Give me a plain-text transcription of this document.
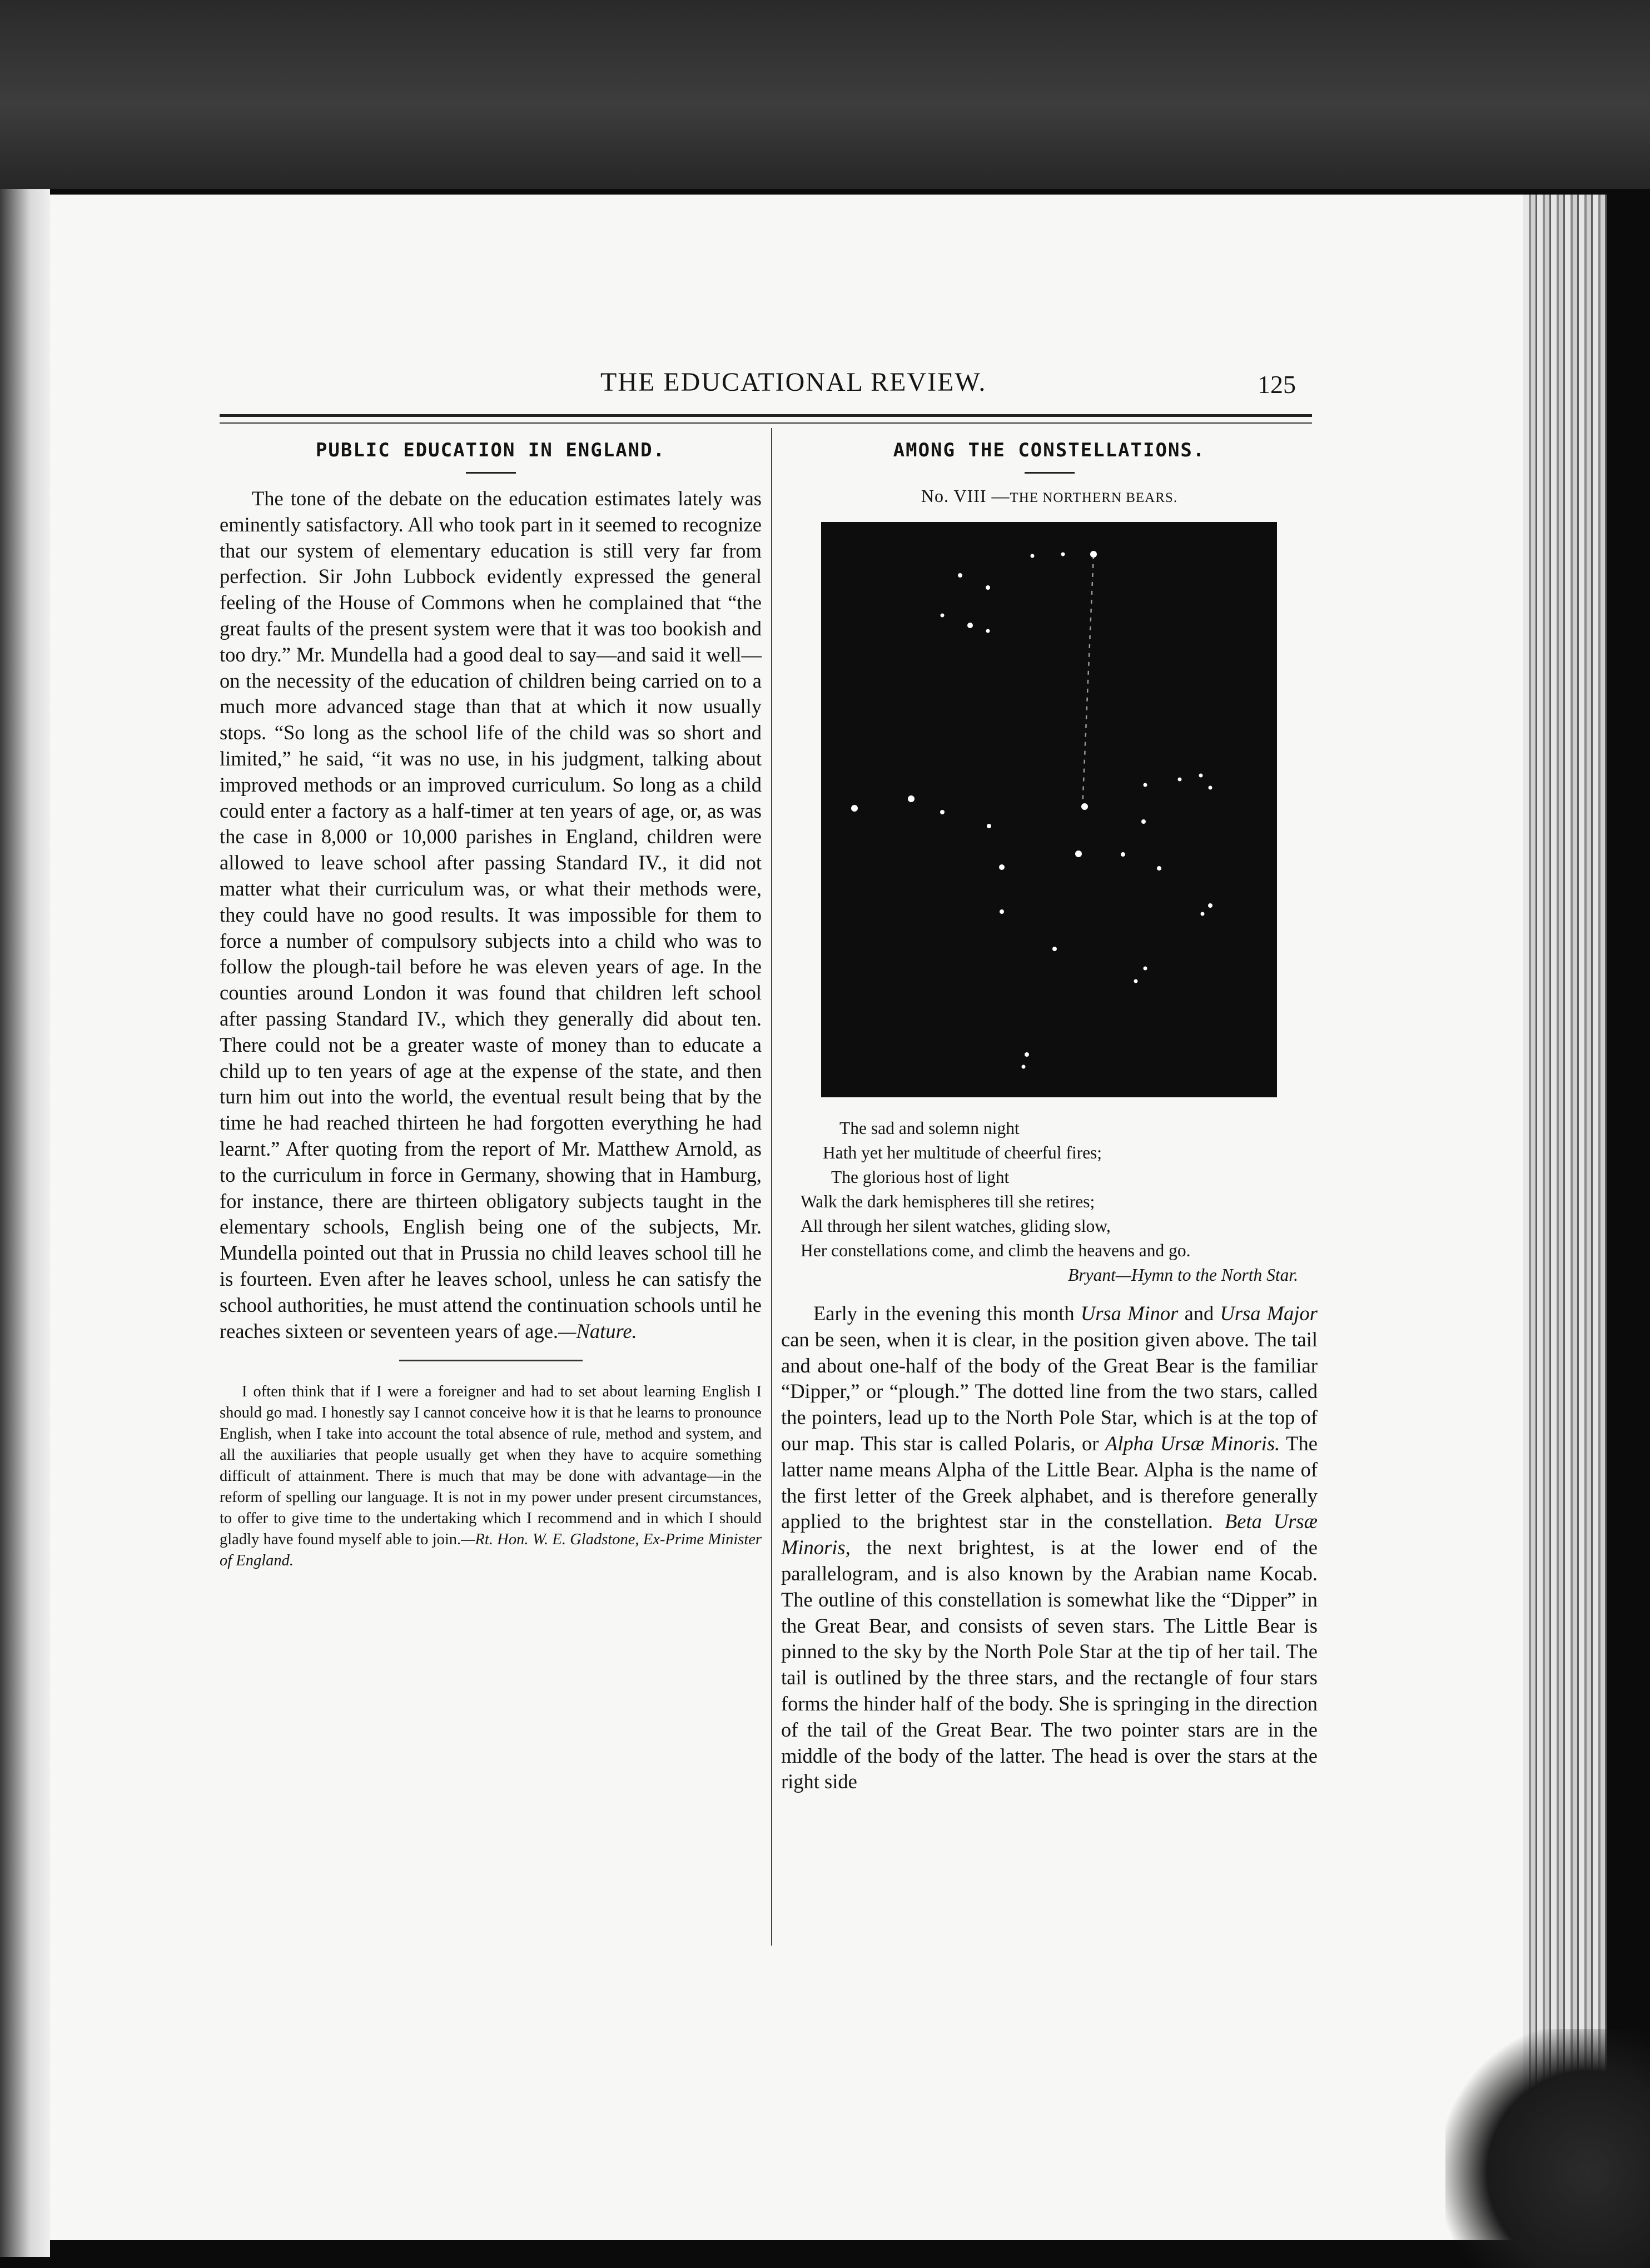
THE EDUCATIONAL REVIEW.	125
PUBLIC EDUCATION IN ENGLAND.

The tone of the debate on the education estimates lately was eminently satisfactory. All who took part in it seemed to recognize that our system of elementary education is still very far from perfection. Sir John Lubbock evidently expressed the general feeling of the House of Commons when he complained that “the great faults of the present system were that it was too bookish and too dry.” Mr. Mundella had a good deal to say—and said it well—on the necessity of the education of children being carried on to a much more advanced stage than that at which it now usually stops. “So long as the school life of the child was so short and limited,” he said, “it was no use, in his judgment, talking about improved methods or an improved curriculum. So long as a child could enter a factory as a half-timer at ten years of age, or, as was the case in 8,000 or 10,000 parishes in England, children were allowed to leave school after passing Standard IV., it did not matter what their curriculum was, or what their methods were, they could have no good results. It was impossible for them to force a number of compulsory subjects into a child who was to follow the plough-tail before he was eleven years of age. In the counties around London it was found that children left school after passing Standard IV., which they generally did about ten. There could not be a greater waste of money than to educate a child up to ten years of age at the expense of the state, and then turn him out into the world, the eventual result being that by the time he had reached thirteen he had forgotten everything he had learnt.” After quoting from the report of Mr. Matthew Arnold, as to the curriculum in force in Germany, showing that in Hamburg, for instance, there are thirteen obligatory subjects taught in the elementary schools, English being one of the subjects, Mr. Mundella pointed out that in Prussia no child leaves school till he is fourteen. Even after he leaves school, unless he can satisfy the school authorities, he must attend the continuation schools until he reaches sixteen or seventeen years of age.—Nature.

I often think that if I were a foreigner and had to set about learning English I should go mad. I honestly say I cannot conceive how it is that he learns to pronounce English, when I take into account the total absence of rule, method and system, and all the auxiliaries that people usually get when they have to acquire something difficult of attainment. There is much that may be done with advantage—in the reform of spelling our language. It is not in my power under present circumstances, to offer to give time to the undertaking which I recommend and in which I should gladly have found myself able to join.—Rt. Hon. W. E. Gladstone, Ex-Prime Minister of England.

AMONG THE CONSTELLATIONS.
No. VIII —THE NORTHERN BEARS.
The sad and solemn night
Hath yet her multitude of cheerful fires;
The glorious host of light
Walk the dark hemispheres till she retires;
All through her silent watches, gliding slow,
Her constellations come, and climb the heavens and go.
Bryant—Hymn to the North Star.

Early in the evening this month Ursa Minor and Ursa Major can be seen, when it is clear, in the position given above. The tail and about one-half of the body of the Great Bear is the familiar “Dipper,” or “plough.” The dotted line from the two stars, called the pointers, lead up to the North Pole Star, which is at the top of our map. This star is called Polaris, or Alpha Ursæ Minoris. The latter name means Alpha of the Little Bear. Alpha is the name of the first letter of the Greek alphabet, and is therefore generally applied to the brightest star in the constellation. Beta Ursæ Minoris, the next brightest, is at the lower end of the parallelogram, and is also known by the Arabian name Kocab. The outline of this constellation is somewhat like the “Dipper” in the Great Bear, and consists of seven stars. The Little Bear is pinned to the sky by the North Pole Star at the tip of her tail. The tail is outlined by the three stars, and the rectangle of four stars forms the hinder half of the body. She is springing in the direction of the tail of the Great Bear. The two pointer stars are in the middle of the body of the latter. The head is over the stars at the right side
